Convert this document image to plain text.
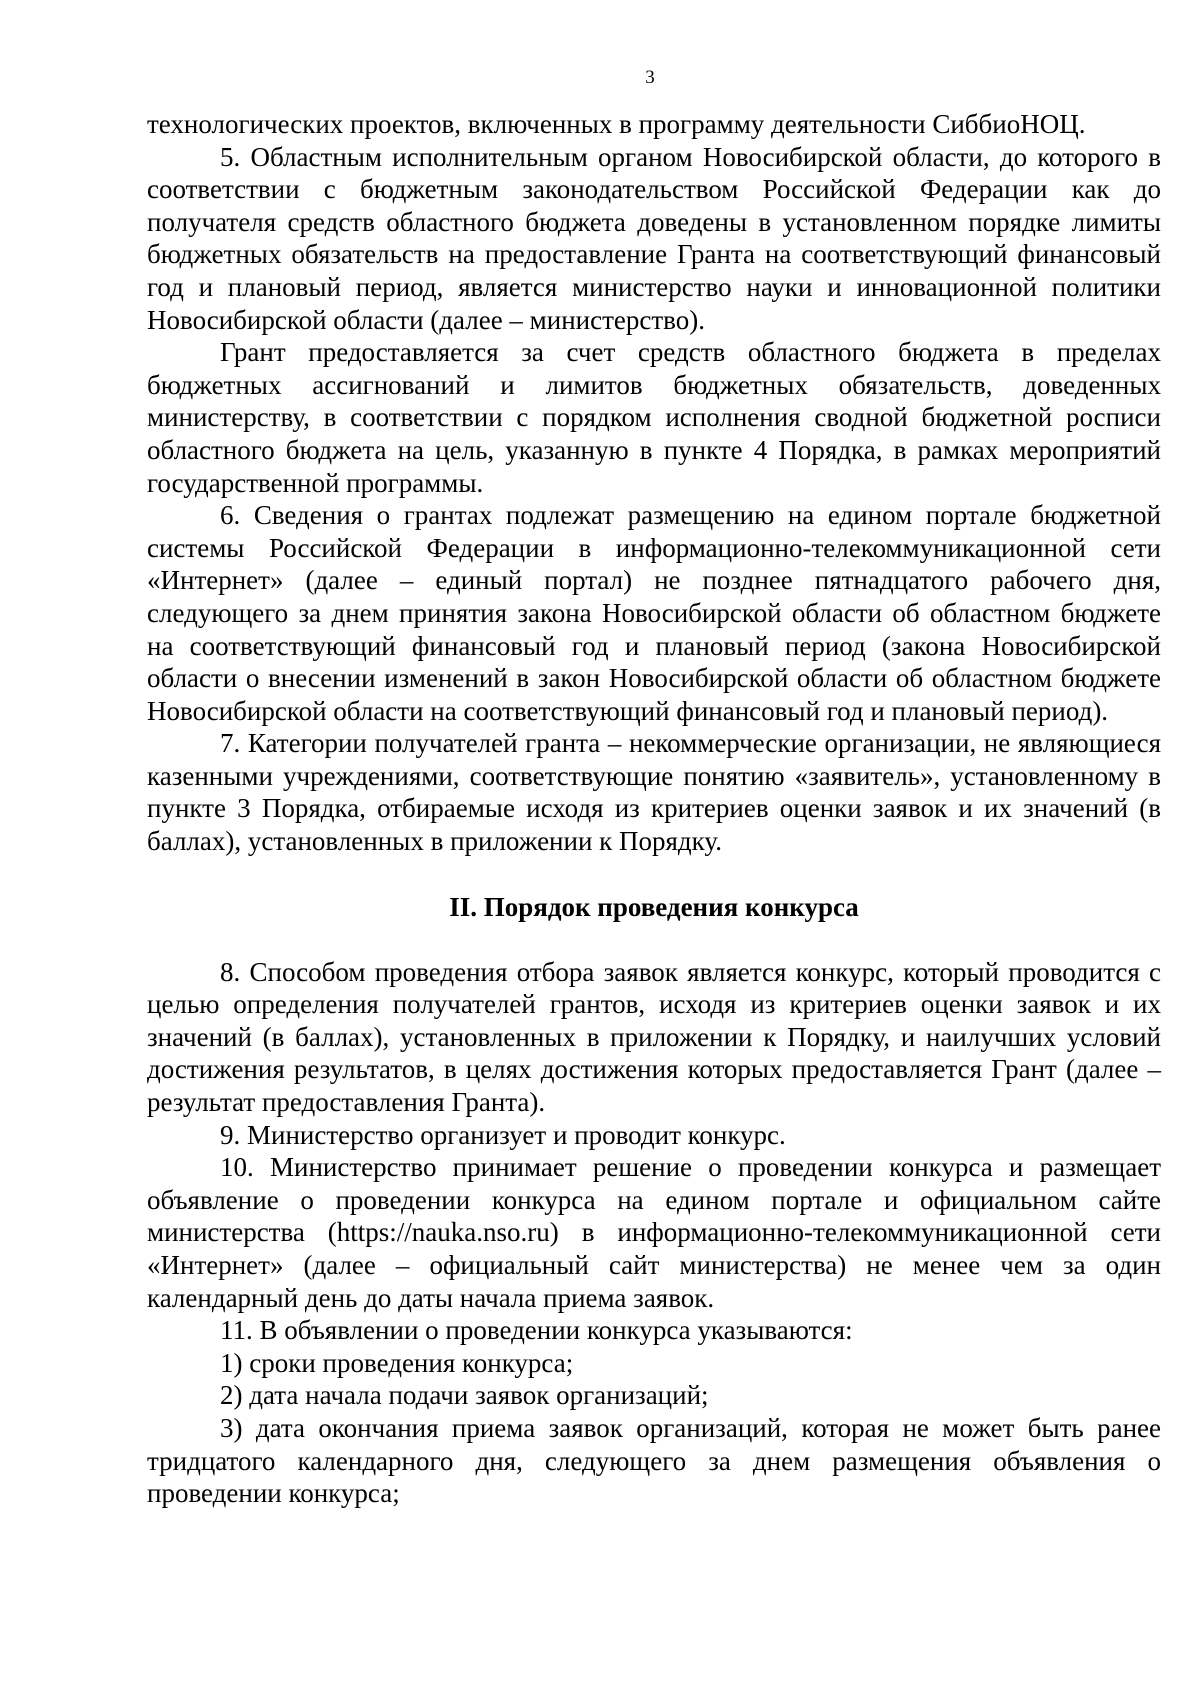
3

технологических проектов, включенных в программу деятельности СиббиоНОЦ.

5. Областным исполнительным органом Новосибирской области, до которого в соответствии с бюджетным законодательством Российской Федерации как до получателя средств областного бюджета доведены в установленном порядке лимиты бюджетных обязательств на предоставление Гранта на соответствующий финансовый год и плановый период, является министерство науки и инновационной политики Новосибирской области (далее – министерство).

Грант предоставляется за счет средств областного бюджета в пределах бюджетных ассигнований и лимитов бюджетных обязательств, доведенных министерству, в соответствии с порядком исполнения сводной бюджетной росписи областного бюджета на цель, указанную в пункте 4 Порядка, в рамках мероприятий государственной программы.

6. Сведения о грантах подлежат размещению на едином портале бюджетной системы Российской Федерации в информационно-телекоммуникационной сети «Интернет» (далее – единый портал) не позднее пятнадцатого рабочего дня, следующего за днем принятия закона Новосибирской области об областном бюджете на соответствующий финансовый год и плановый период (закона Новосибирской области о внесении изменений в закон Новосибирской области об областном бюджете Новосибирской области на соответствующий финансовый год и плановый период).

7. Категории получателей гранта – некоммерческие организации, не являющиеся казенными учреждениями, соответствующие понятию «заявитель», установленному в пункте 3 Порядка, отбираемые исходя из критериев оценки заявок и их значений (в баллах), установленных в приложении к Порядку.

II. Порядок проведения конкурса

8. Способом проведения отбора заявок является конкурс, который проводится с целью определения получателей грантов, исходя из критериев оценки заявок и их значений (в баллах), установленных в приложении к Порядку, и наилучших условий достижения результатов, в целях достижения которых предоставляется Грант (далее – результат предоставления Гранта).

9. Министерство организует и проводит конкурс.

10. Министерство принимает решение о проведении конкурса и размещает объявление о проведении конкурса на едином портале и официальном сайте министерства (https://nauka.nso.ru) в информационно-телекоммуникационной сети «Интернет» (далее – официальный сайт министерства) не менее чем за один календарный день до даты начала приема заявок.

11. В объявлении о проведении конкурса указываются:

1) сроки проведения конкурса;

2) дата начала подачи заявок организаций;

3) дата окончания приема заявок организаций, которая не может быть ранее тридцатого календарного дня, следующего за днем размещения объявления о проведении конкурса;
